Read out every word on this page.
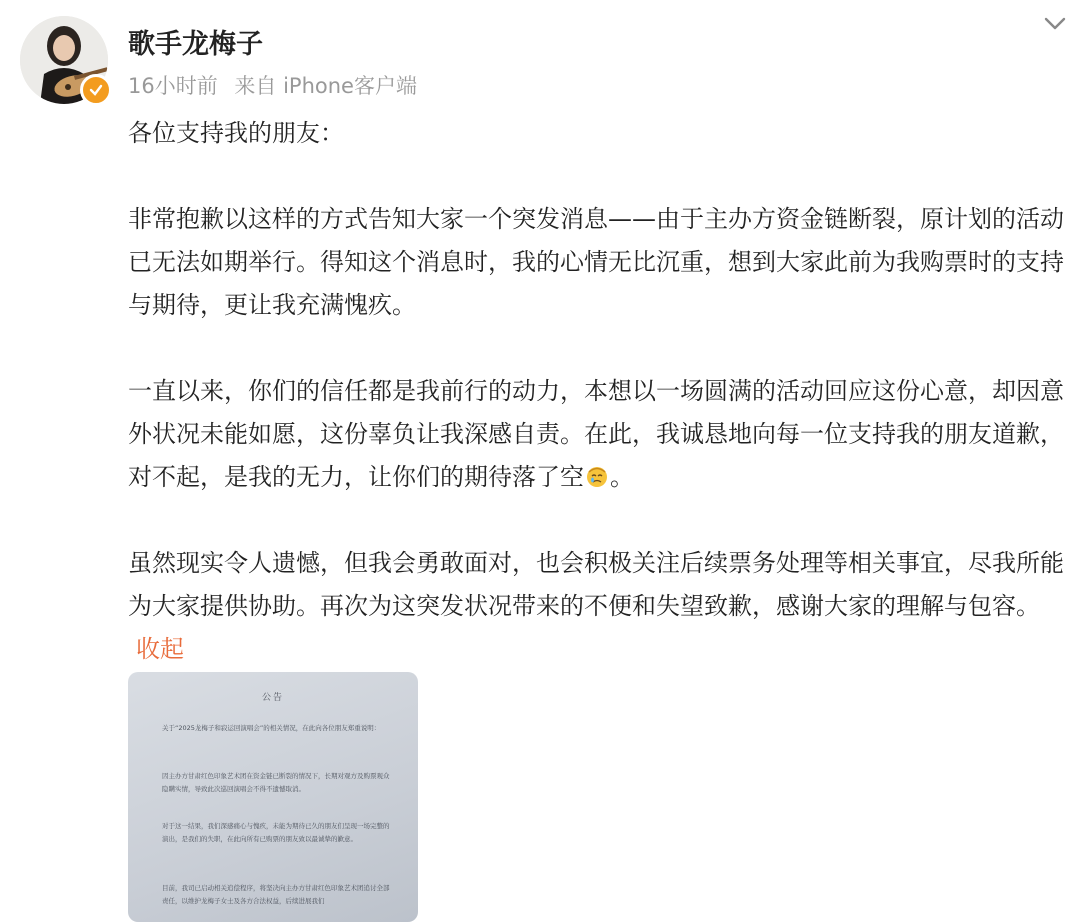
歌手龙梅子
16小时前 来自 iPhone客户端

各位支持我的朋友：

非常抱歉以这样的方式告知大家一个突发消息——由于主办方资金链断裂，原计划的活动已无法如期举行。得知这个消息时，我的心情无比沉重，想到大家此前为我购票时的支持与期待，更让我充满愧疚。

一直以来，你们的信任都是我前行的动力，本想以一场圆满的活动回应这份心意，却因意外状况未能如愿，这份辜负让我深感自责。在此，我诚恳地向每一位支持我的朋友道歉，对不起，是我的无力，让你们的期待落了空 。

虽然现实令人遗憾，但我会勇敢面对，也会积极关注后续票务处理等相关事宜，尽我所能为大家提供协助。再次为这突发状况带来的不便和失望致歉，感谢大家的理解与包容。收起

公告
关于“2025龙梅子和寂运回演唱会”的相关情况，在此向各位朋友郑重说明：
因主办方甘肃红色印象艺术团在资金链已断裂的情况下，长期对观方及购票观众隐瞒实情，导致此次巡回演唱会不得不遗憾取消。
对于这一结果，我们深感痛心与愧疚，未能为期待已久的朋友们呈现一场完整的演出，是我们的失职，在此向所有已购票的朋友致以最诚挚的歉意。
目前，我司已启动相关追偿程序，将坚决向主办方甘肃红色印象艺术团追讨全部责任，以维护龙梅子女士及各方合法权益，后续进展我们
